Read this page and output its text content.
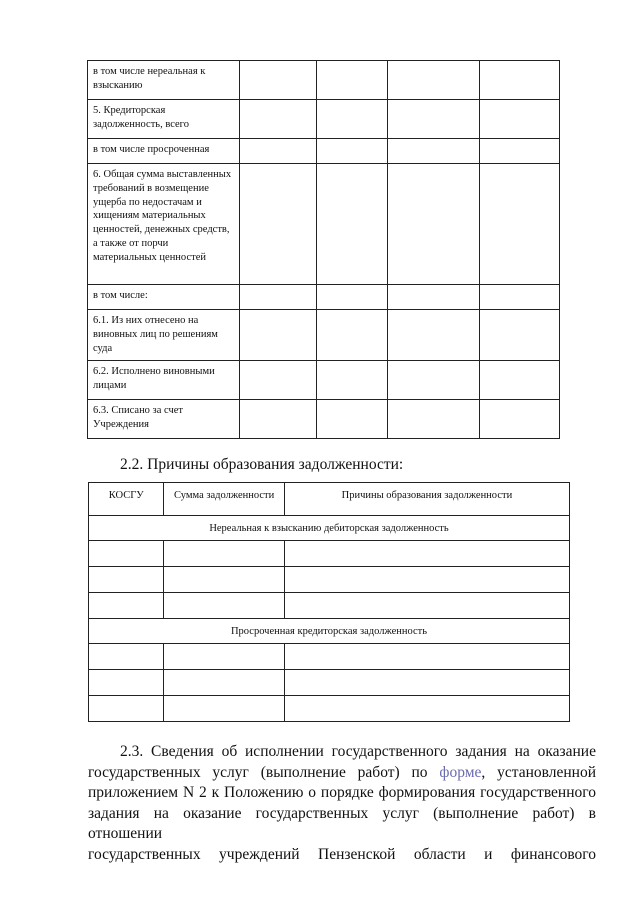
в том числе нереальная к взысканию				
5. Кредиторская задолженность, всего				
в том числе просроченная				
6. Общая сумма выставленных требований в возмещение ущерба по недостачам и хищениям материальных ценностей, денежных средств, а также от порчи материальных ценностей				
в том числе:				
6.1. Из них отнесено на виновных лиц по решениям суда				
6.2. Исполнено виновными лицами				
6.3. Списано за счет Учреждения				
2.2. Причины образования задолженности:
КОСГУ	Сумма задолженности	Причины образования задолженности
Нереальная к взысканию дебиторская задолженность		

Просроченная кредиторская задолженность		

2.3. Сведения об исполнении государственного задания на оказание

государственных услуг (выполнение работ) по форме, установленной

приложением N 2 к Положению о порядке формирования государственного

задания на оказание государственных услуг (выполнение работ) в отношении

государственных учреждений Пензенской области и финансового
